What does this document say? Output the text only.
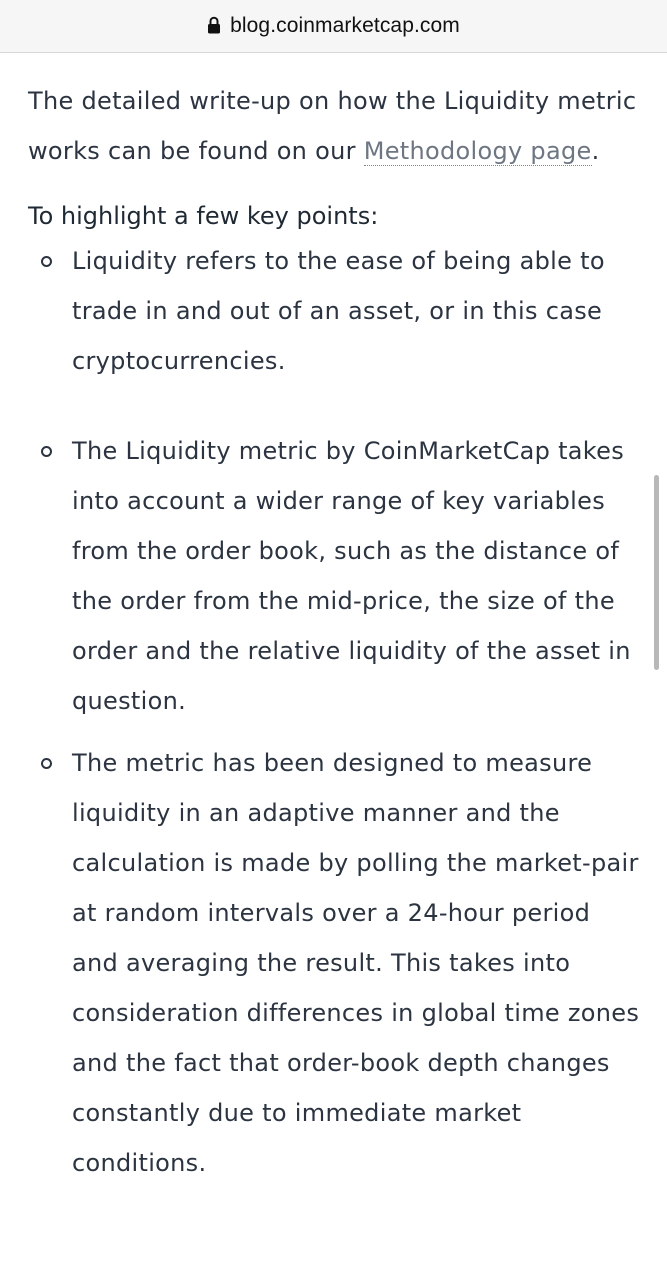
blog.coinmarketcap.com

The detailed write-up on how the Liquidity metric works can be found on our Methodology page.

To highlight a few key points:

Liquidity refers to the ease of being able to trade in and out of an asset, or in this case cryptocurrencies.
The Liquidity metric by CoinMarketCap takes into account a wider range of key variables from the order book, such as the distance of the order from the mid-price, the size of the order and the relative liquidity of the asset in question.
The metric has been designed to measure liquidity in an adaptive manner and the calculation is made by polling the market-pair at random intervals over a 24-hour period and averaging the result. This takes into consideration differences in global time zones and the fact that order-book depth changes constantly due to immediate market conditions.
